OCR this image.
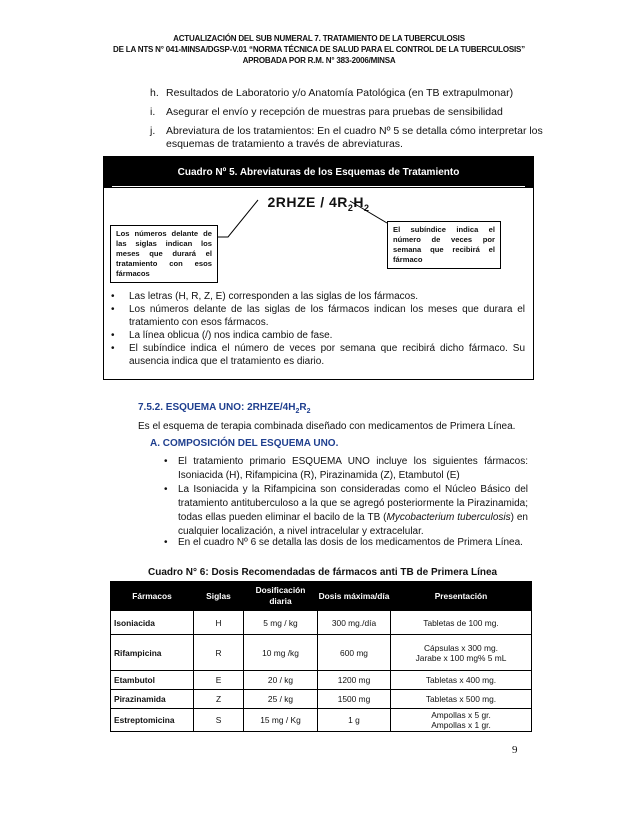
ACTUALIZACIÓN DEL SUB NUMERAL 7. TRATAMIENTO DE LA TUBERCULOSIS
DE LA NTS N° 041-MINSA/DGSP-V.01 “NORMA TÉCNICA DE SALUD PARA EL CONTROL DE LA TUBERCULOSIS”
APROBADA POR R.M. N° 383-2006/MINSA
h. Resultados de Laboratorio y/o Anatomía Patológica (en TB extrapulmonar)
i. Asegurar el envío y recepción de muestras para pruebas de sensibilidad
j. Abreviatura de los tratamientos: En el cuadro Nº 5 se detalla cómo interpretar los
esquemas de tratamiento a través de abreviaturas.
Cuadro Nº 5. Abreviaturas de los Esquemas de Tratamiento
2RHZE / $4R_2H_2$
Los números delante de las siglas indican los meses que durará el tratamiento con esos fármacos
El subíndice indica el número de veces por semana que recibirá el fármaco
• Las letras (H, R, Z, E) corresponden a las siglas de los fármacos.
• Los números delante de las siglas de los fármacos indican los meses que durara el tratamiento con esos fármacos.
• La línea oblicua (/) nos indica cambio de fase.
• El subíndice indica el número de veces por semana que recibirá dicho fármaco. Su ausencia indica que el tratamiento es diario.
7.5.2. ESQUEMA UNO: $2RHZE/4H_2R_2$
Es el esquema de terapia combinada diseñado con medicamentos de Primera Línea.
A. COMPOSICIÓN DEL ESQUEMA UNO.
• El tratamiento primario ESQUEMA UNO incluye los siguientes fármacos: Isoniacida (H), Rifampicina (R), Pirazinamida (Z), Etambutol (E)
• La Isoniacida y la Rifampicina son consideradas como el Núcleo Básico del tratamiento antituberculoso a la que se agregó posteriormente la Pirazinamida; todas ellas pueden eliminar el bacilo de la TB (Mycobacterium tuberculosis) en cualquier localización, a nivel intracelular y extracelular.
• En el cuadro Nº 6 se detalla las dosis de los medicamentos de Primera Línea.
Cuadro N° 6: Dosis Recomendadas de fármacos anti TB de Primera Línea
Fármacos	Siglas	Dosificación diaria	Dosis máxima/día	Presentación
Isoniacida	H	5 mg / kg	300 mg./día	Tabletas de 100 mg.
Rifampicina	R	10 mg /kg	600 mg	Cápsulas x 300 mg.
Jarabe x 100 mg% 5 mL

Etambutol	E	20 / kg	1200 mg	Tabletas x 400 mg.
Pirazinamida	Z	25 / kg	1500 mg	Tabletas x 500 mg.
Estreptomicina	S	15 mg / Kg	1 g	Ampollas x 5 gr.
Ampollas x 1 gr.
9
